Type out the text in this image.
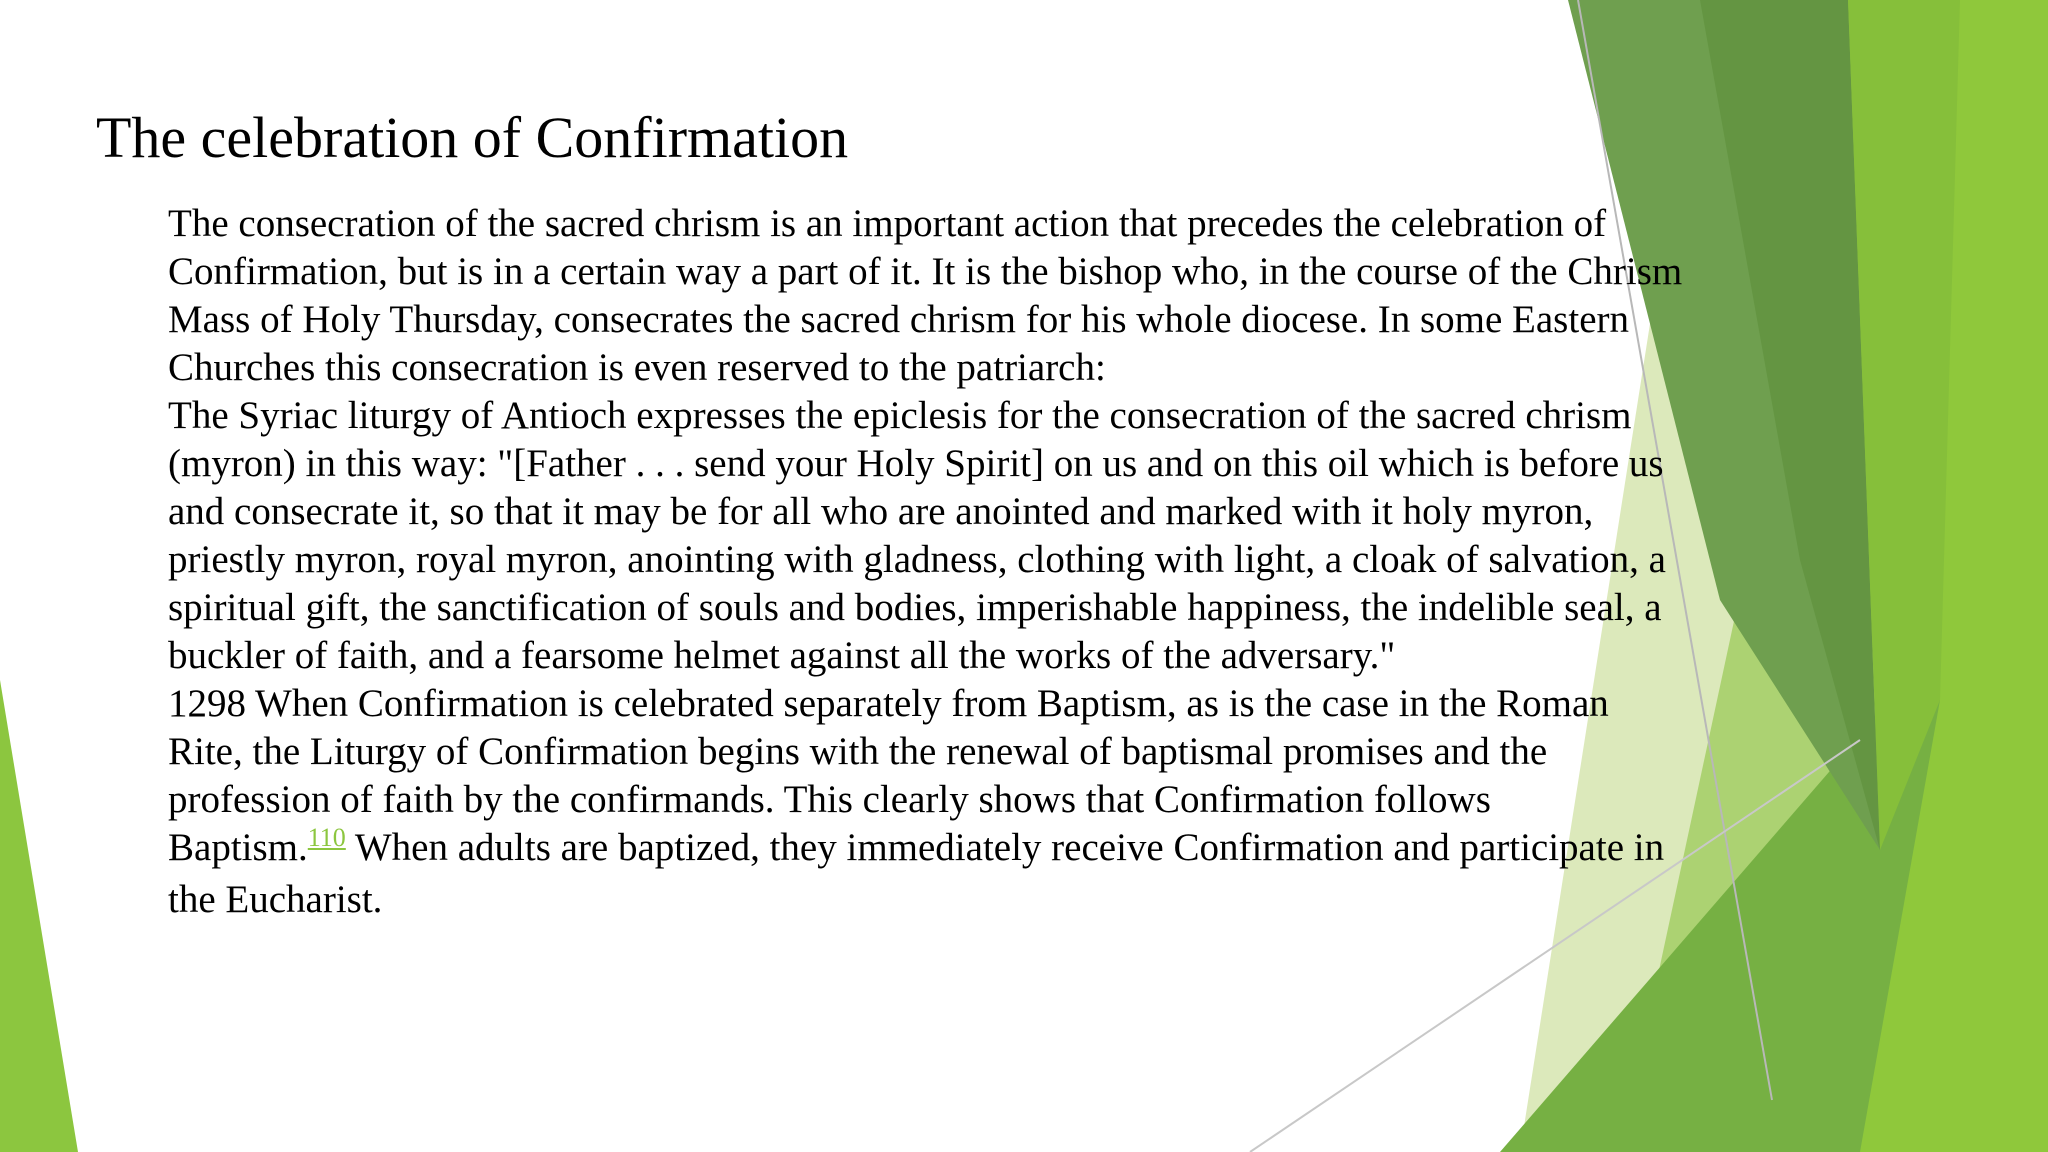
The celebration of Confirmation
The consecration of the sacred chrism is an important action that precedes the celebration of
Confirmation, but is in a certain way a part of it. It is the bishop who, in the course of the Chrism
Mass of Holy Thursday, consecrates the sacred chrism for his whole diocese. In some Eastern
Churches this consecration is even reserved to the patriarch:
The Syriac liturgy of Antioch expresses the epiclesis for the consecration of the sacred chrism
(myron) in this way: "[Father . . . send your Holy Spirit] on us and on this oil which is before us
and consecrate it, so that it may be for all who are anointed and marked with it holy myron,
priestly myron, royal myron, anointing with gladness, clothing with light, a cloak of salvation, a
spiritual gift, the sanctification of souls and bodies, imperishable happiness, the indelible seal, a
buckler of faith, and a fearsome helmet against all the works of the adversary."
1298 When Confirmation is celebrated separately from Baptism, as is the case in the Roman
Rite, the Liturgy of Confirmation begins with the renewal of baptismal promises and the
profession of faith by the confirmands. This clearly shows that Confirmation follows
Baptism.$^{110}$ When adults are baptized, they immediately receive Confirmation and participate in
the Eucharist.
